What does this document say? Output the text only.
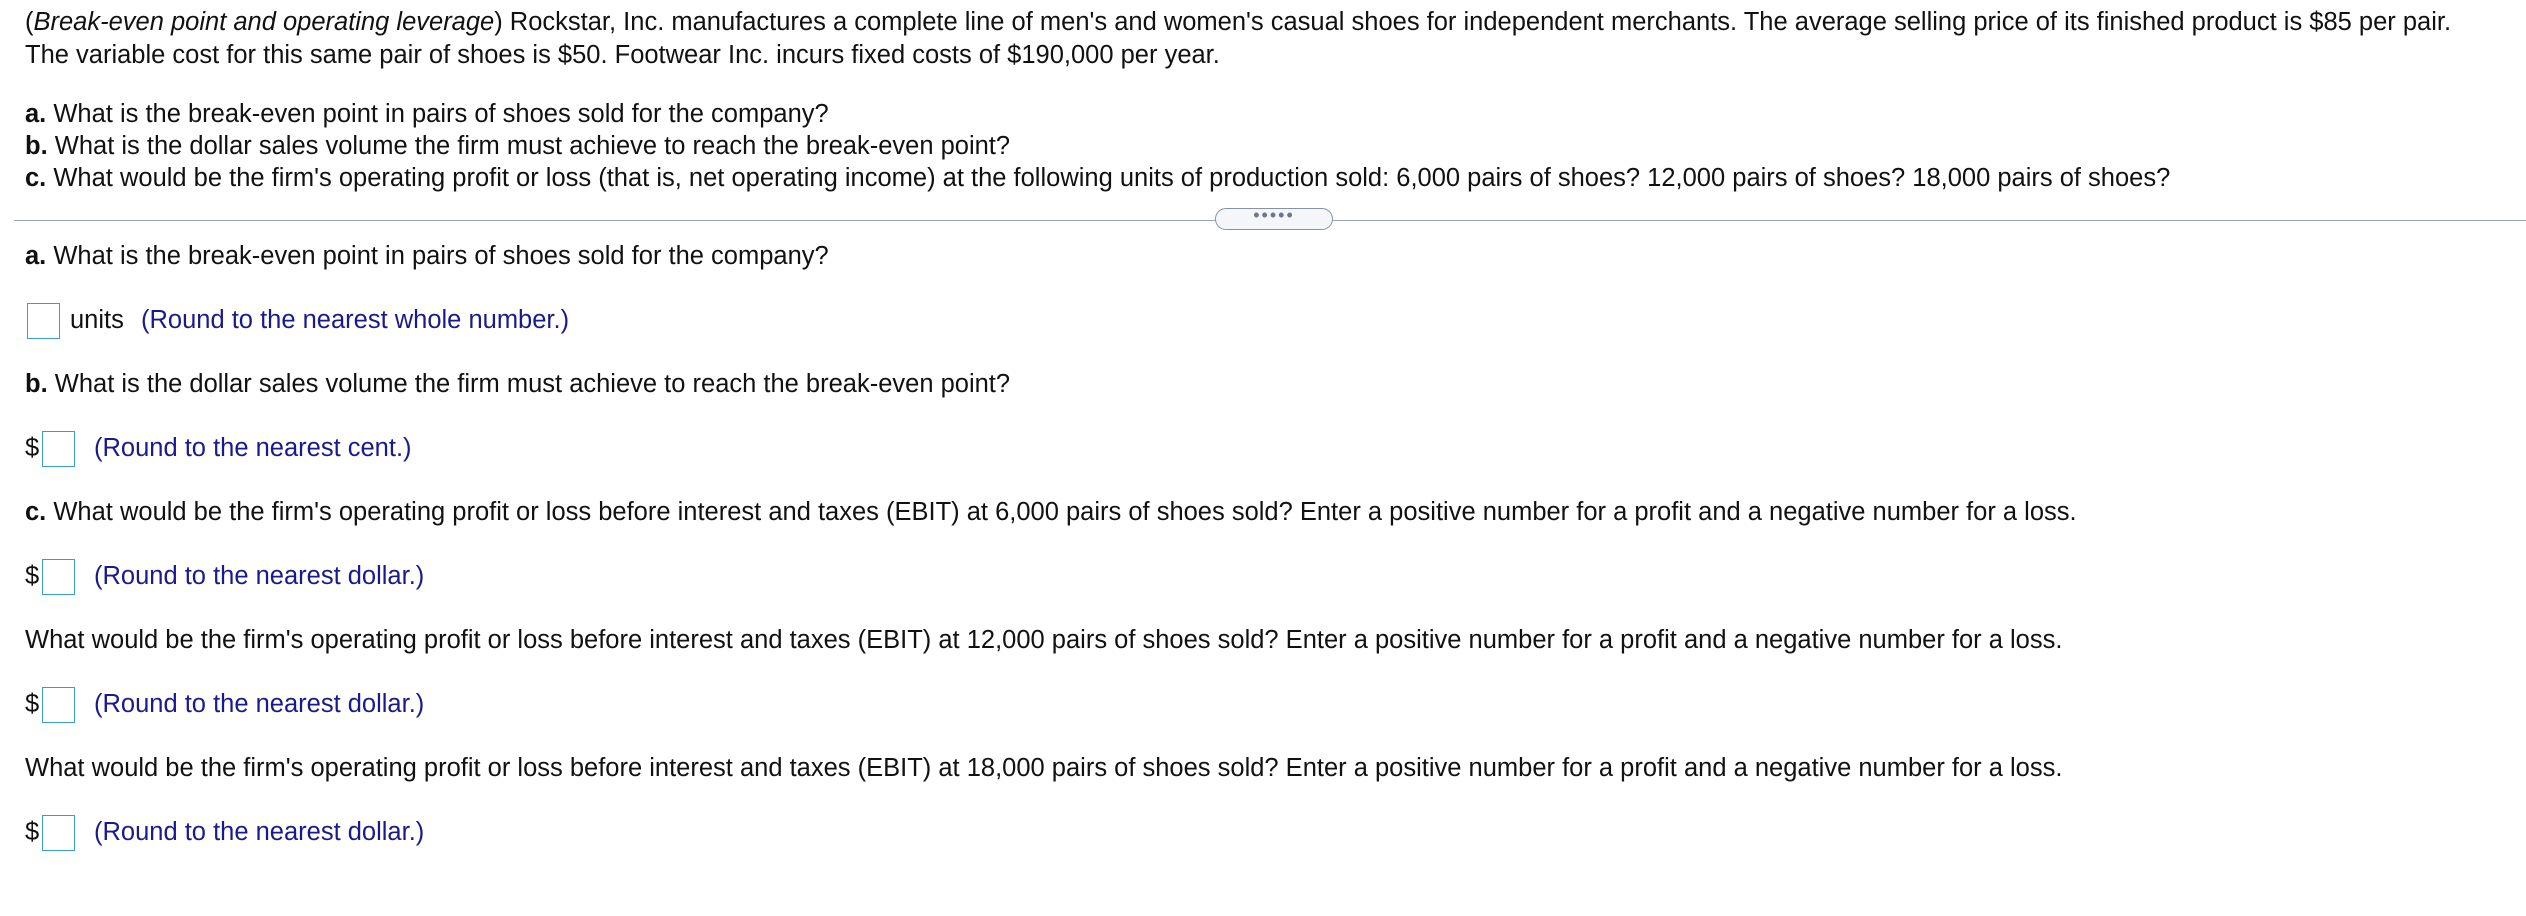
(Break-even point and operating leverage) Rockstar, Inc. manufactures a complete line of men's and women's casual shoes for independent merchants. The average selling price of its finished product is $85 per pair.
The variable cost for this same pair of shoes is $50. Footwear Inc. incurs fixed costs of $190,000 per year.
a. What is the break-even point in pairs of shoes sold for the company?
b. What is the dollar sales volume the firm must achieve to reach the break-even point?
c. What would be the firm's operating profit or loss (that is, net operating income) at the following units of production sold: 6,000 pairs of shoes? 12,000 pairs of shoes? 18,000 pairs of shoes?
•••••
a. What is the break-even point in pairs of shoes sold for the company?
units (Round to the nearest whole number.)
b. What is the dollar sales volume the firm must achieve to reach the break-even point?
$ (Round to the nearest cent.)
c. What would be the firm's operating profit or loss before interest and taxes (EBIT) at 6,000 pairs of shoes sold? Enter a positive number for a profit and a negative number for a loss.
$ (Round to the nearest dollar.)
What would be the firm's operating profit or loss before interest and taxes (EBIT) at 12,000 pairs of shoes sold? Enter a positive number for a profit and a negative number for a loss.
$ (Round to the nearest dollar.)
What would be the firm's operating profit or loss before interest and taxes (EBIT) at 18,000 pairs of shoes sold? Enter a positive number for a profit and a negative number for a loss.
$ (Round to the nearest dollar.)
